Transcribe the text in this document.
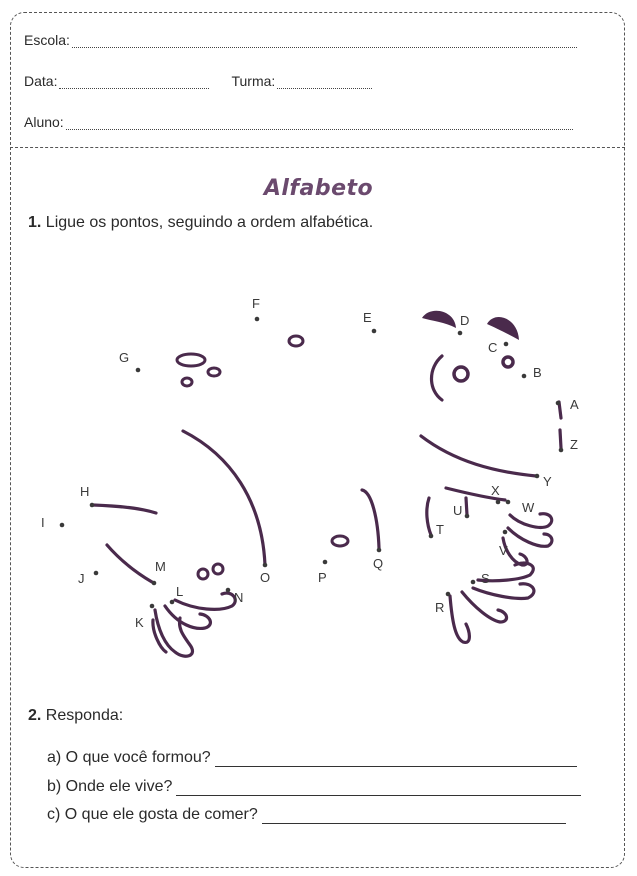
Escola:
Data:	Turma:
Aluno:
Alfabeto
1. Ligue os pontos, seguindo a ordem alfabética.
A
B
C
D
E
F
G
H
I
J
K
L
M
N
O	P
Q
R
S
T
U
V
W
X
Y
Z
2. Responda:
a) O que você formou?
b) Onde ele vive?
c) O que ele gosta de comer?
